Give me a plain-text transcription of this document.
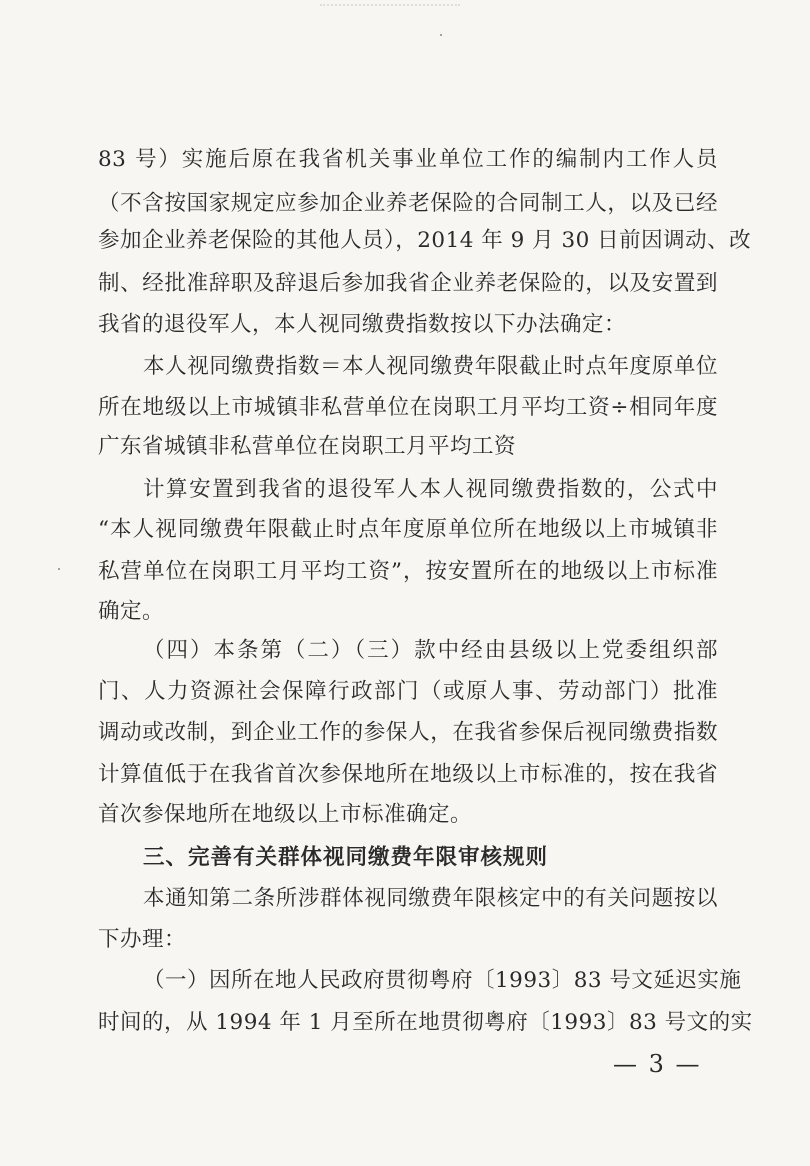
83 号）实施后原在我省机关事业单位工作的编制内工作人员
（不含按国家规定应参加企业养老保险的合同制工人，以及已经
参加企业养老保险的其他人员），2014 年 9 月 30 日前因调动、改
制、经批准辞职及辞退后参加我省企业养老保险的，以及安置到
我省的退役军人，本人视同缴费指数按以下办法确定：
本人视同缴费指数＝本人视同缴费年限截止时点年度原单位
所在地级以上市城镇非私营单位在岗职工月平均工资÷相同年度
广东省城镇非私营单位在岗职工月平均工资
计算安置到我省的退役军人本人视同缴费指数的，公式中
“本人视同缴费年限截止时点年度原单位所在地级以上市城镇非
私营单位在岗职工月平均工资”，按安置所在的地级以上市标准
确定。
（四）本条第（二）（三）款中经由县级以上党委组织部
门、人力资源社会保障行政部门（或原人事、劳动部门）批准
调动或改制，到企业工作的参保人，在我省参保后视同缴费指数
计算值低于在我省首次参保地所在地级以上市标准的，按在我省
首次参保地所在地级以上市标准确定。
三、完善有关群体视同缴费年限审核规则
本通知第二条所涉群体视同缴费年限核定中的有关问题按以
下办理：
（一）因所在地人民政府贯彻粤府〔1993〕83 号文延迟实施
时间的，从 1994 年 1 月至所在地贯彻粤府〔1993〕83 号文的实
— 3 —
